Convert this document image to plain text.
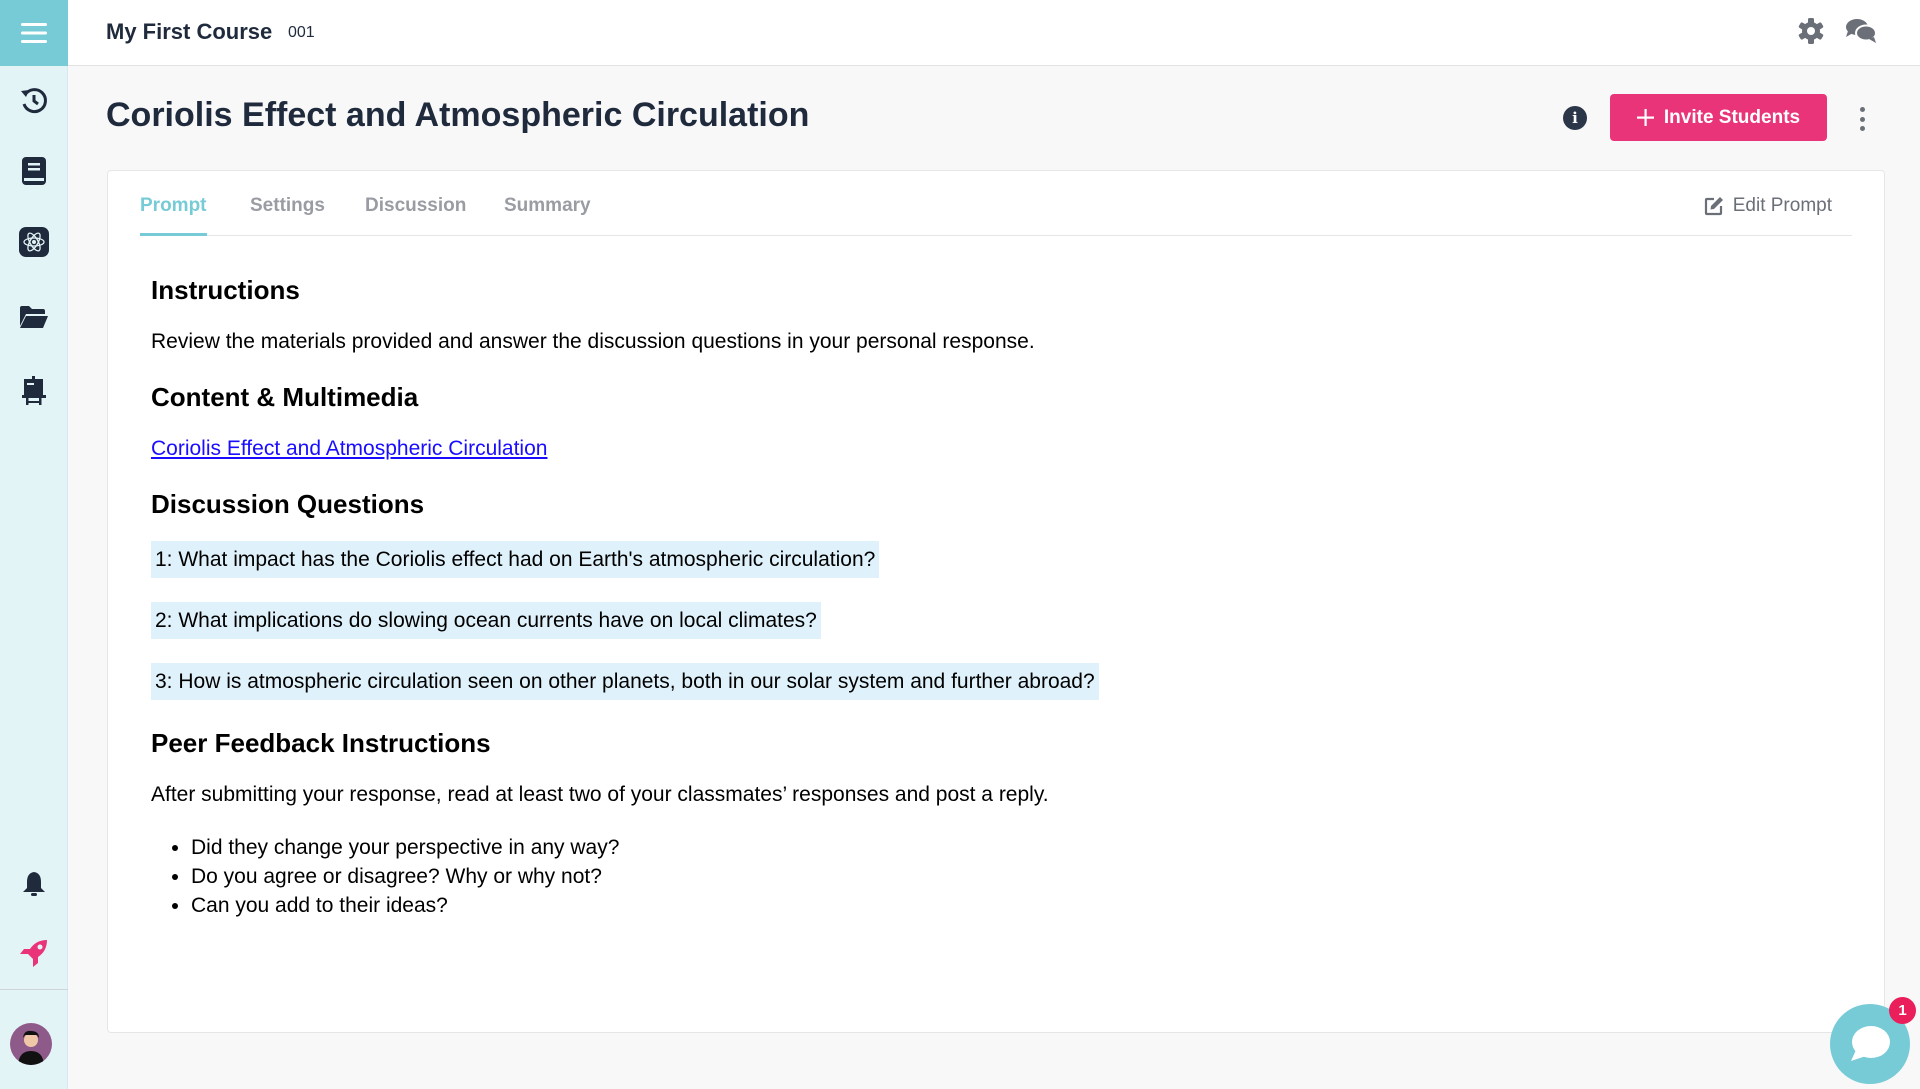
My First Course 001
Coriolis Effect and Atmospheric Circulation	i	Invite Students
Prompt Settings Discussion Summary	Edit Prompt
Instructions

Review the materials provided and answer the discussion questions in your personal response.

Content & Multimedia
Coriolis Effect and Atmospheric Circulation
Discussion Questions
1: What impact has the Coriolis effect had on Earth's atmospheric circulation?
2: What implications do slowing ocean currents have on local climates?
3: How is atmospheric circulation seen on other planets, both in our solar system and further abroad?
Peer Feedback Instructions

After submitting your response, read at least two of your classmates’ responses and post a reply.

• Did they change your perspective in any way?
• Do you agree or disagree? Why or why not?
• Can you add to their ideas?
1
